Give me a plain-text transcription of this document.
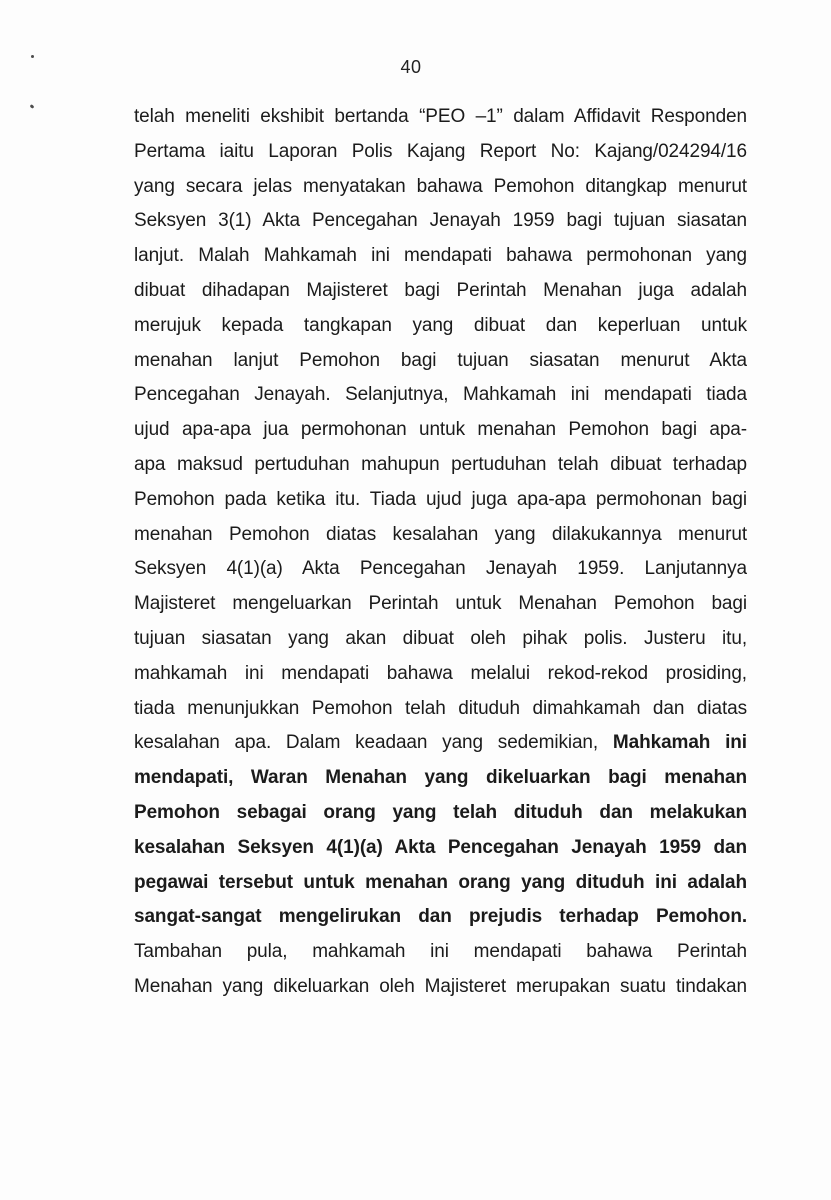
40
telah meneliti ekshibit bertanda “PEO –1” dalam Affidavit Responden
Pertama iaitu Laporan Polis Kajang Report No: Kajang/024294/16
yang secara jelas menyatakan bahawa Pemohon ditangkap menurut
Seksyen 3(1) Akta Pencegahan Jenayah 1959 bagi tujuan siasatan
lanjut. Malah Mahkamah ini mendapati bahawa permohonan yang
dibuat dihadapan Majisteret bagi Perintah Menahan juga adalah
merujuk kepada tangkapan yang dibuat dan keperluan untuk
menahan lanjut Pemohon bagi tujuan siasatan menurut Akta
Pencegahan Jenayah. Selanjutnya, Mahkamah ini mendapati tiada
ujud apa-apa jua permohonan untuk menahan Pemohon bagi apa-
apa maksud pertuduhan mahupun pertuduhan telah dibuat terhadap
Pemohon pada ketika itu. Tiada ujud juga apa-apa permohonan bagi
menahan Pemohon diatas kesalahan yang dilakukannya menurut
Seksyen 4(1)(a) Akta Pencegahan Jenayah 1959. Lanjutannya
Majisteret mengeluarkan Perintah untuk Menahan Pemohon bagi
tujuan siasatan yang akan dibuat oleh pihak polis. Justeru itu,
mahkamah ini mendapati bahawa melalui rekod-rekod prosiding,
tiada menunjukkan Pemohon telah dituduh dimahkamah dan diatas
kesalahan apa. Dalam keadaan yang sedemikian, Mahkamah ini
mendapati, Waran Menahan yang dikeluarkan bagi menahan
Pemohon sebagai orang yang telah dituduh dan melakukan
kesalahan Seksyen 4(1)(a) Akta Pencegahan Jenayah 1959 dan
pegawai tersebut untuk menahan orang yang dituduh ini adalah
sangat-sangat mengelirukan dan prejudis terhadap Pemohon.
Tambahan pula, mahkamah ini mendapati bahawa Perintah
Menahan yang dikeluarkan oleh Majisteret merupakan suatu tindakan
